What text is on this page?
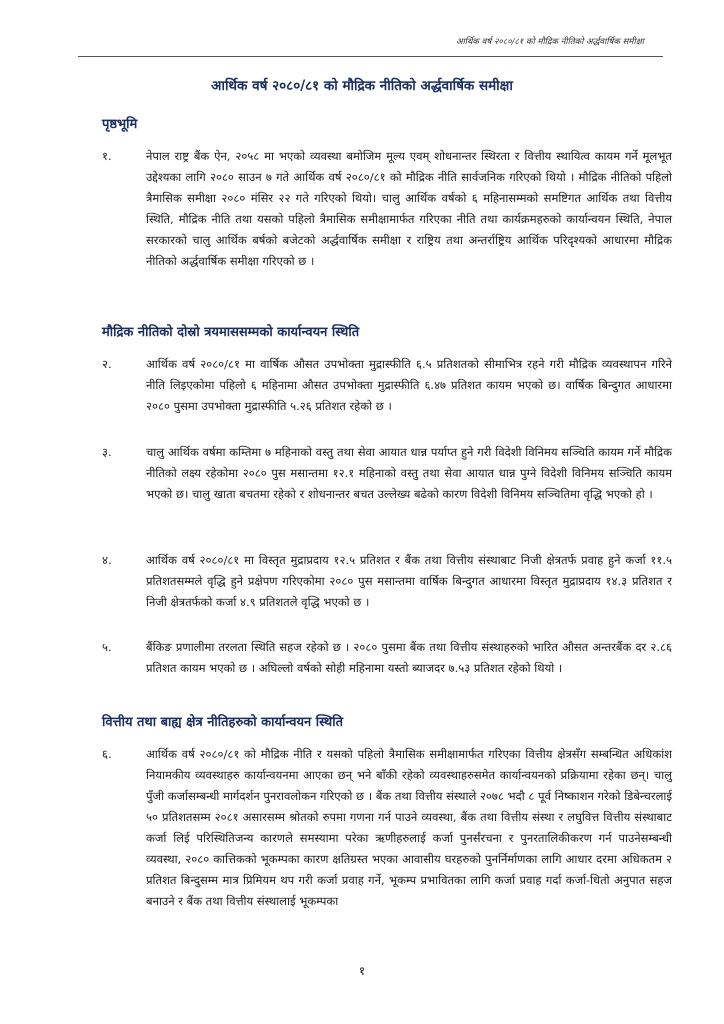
आर्थिक वर्ष २०८०/८१ को मौद्रिक नीतिको अर्द्धवार्षिक समीक्षा
आर्थिक वर्ष २०८०/८१ को मौद्रिक नीतिको अर्द्धवार्षिक समीक्षा
पृष्ठभूमि
१.	नेपाल राष्ट्र बैंक ऐन, २०५८ मा भएको व्यवस्था बमोजिम मूल्य एवम् शोधनान्तर स्थिरता र वित्तीय स्थायित्व कायम गर्ने मूलभूत उद्देश्यका लागि २०८० साउन ७ गते आर्थिक वर्ष २०८०/८१ को मौद्रिक नीति सार्वजनिक गरिएको थियो । मौद्रिक नीतिको पहिलो त्रैमासिक समीक्षा २०८० मंसिर २२ गते गरिएको थियो। चालु आर्थिक वर्षको ६ महिनासम्मको समष्टिगत आर्थिक तथा वित्तीय स्थिति, मौद्रिक नीति तथा यसको पहिलो त्रैमासिक समीक्षामार्फत गरिएका नीति तथा कार्यक्रमहरुको कार्यान्वयन स्थिति, नेपाल सरकारको चालु आर्थिक बर्षको बजेटको अर्द्धवार्षिक समीक्षा र राष्ट्रिय तथा अन्तर्राष्ट्रिय आर्थिक परिदृश्यको आधारमा मौद्रिक नीतिको अर्द्धवार्षिक समीक्षा गरिएको छ ।
मौद्रिक नीतिको दोस्रो त्रयमाससम्मको कार्यान्वयन स्थिति
२.	आर्थिक वर्ष २०८०/८१ मा वार्षिक औसत उपभोक्ता मुद्रास्फीति ६.५ प्रतिशतको सीमाभित्र रहने गरी मौद्रिक व्यवस्थापन गरिने नीति लिइएकोमा पहिलो ६ महिनामा औसत उपभोक्ता मुद्रास्फीति ६.४७ प्रतिशत कायम भएको छ। वार्षिक बिन्दुगत आधारमा २०८० पुसमा उपभोक्ता मुद्रास्फीति ५.२६ प्रतिशत रहेको छ ।
३.	चालु आर्थिक वर्षमा कम्तिमा ७ महिनाको वस्तु तथा सेवा आयात धान्न पर्याप्त हुने गरी विदेशी विनिमय सञ्चिति कायम गर्ने मौद्रिक नीतिको लक्ष्य रहेकोमा २०८० पुस मसान्तमा १२.१ महिनाको वस्तु तथा सेवा आयात धान्न पुग्ने विदेशी विनिमय सञ्चिति कायम भएको छ। चालु खाता बचतमा रहेको र शोधनान्तर बचत उल्लेख्य बढेको कारण विदेशी विनिमय सञ्चितिमा वृद्धि भएको हो ।
४.	आर्थिक वर्ष २०८०/८१ मा विस्तृत मुद्राप्रदाय १२.५ प्रतिशत र बैंक तथा वित्तीय संस्थाबाट निजी क्षेत्रतर्फ प्रवाह हुने कर्जा ११.५ प्रतिशतसम्मले वृद्धि हुने प्रक्षेपण गरिएकोमा २०८० पुस मसान्तमा वार्षिक बिन्दुगत आधारमा विस्तृत मुद्राप्रदाय १४.३ प्रतिशत र निजी क्षेत्रतर्फको कर्जा ४.९ प्रतिशतले वृद्धि भएको छ ।
५.	बैंकिङ प्रणालीमा तरलता स्थिति सहज रहेको छ । २०८० पुसमा बैंक तथा वित्तीय संस्थाहरुको भारित औसत अन्तरबैंक दर २.८६ प्रतिशत कायम भएको छ । अघिल्लो वर्षको सोही महिनामा यस्तो ब्याजदर ७.५३ प्रतिशत रहेको थियो ।
वित्तीय तथा बाह्य क्षेत्र नीतिहरुको कार्यान्वयन स्थिति
६.	आर्थिक वर्ष २०८०/८१ को मौद्रिक नीति र यसको पहिलो त्रैमासिक समीक्षामार्फत गरिएका वित्तीय क्षेत्रसँग सम्बन्धित अधिकांश नियामकीय व्यवस्थाहरु कार्यान्वयनमा आएका छन् भने बाँकी रहेको व्यवस्थाहरुसमेत कार्यान्वयनको प्रक्रियामा रहेका छन्। चालु पुँजी कर्जासम्बन्धी मार्गदर्शन पुनरावलोकन गरिएको छ । बैंक तथा वित्तीय संस्थाले २०७८ भदौ ८ पूर्व निष्काशन गरेको डिबेन्चरलाई ५० प्रतिशतसम्म २०८१ असारसम्म श्रोतको रुपमा गणना गर्न पाउने व्यवस्था, बैंक तथा वित्तीय संस्था र लघुवित्त वित्तीय संस्थाबाट कर्जा लिई परिस्थितिजन्य कारणले समस्यामा परेका ऋणीहरुलाई कर्जा पुनर्संरचना र पुनरतालिकीकरण गर्न पाउनेसम्बन्धी व्यवस्था, २०८० कात्तिकको भूकम्पका कारण क्षतिग्रस्त भएका आवासीय घरहरुको पुनर्निर्माणका लागि आधार दरमा अधिकतम २ प्रतिशत बिन्दुसम्म मात्र प्रिमियम थप गरी कर्जा प्रवाह गर्ने, भूकम्प प्रभावितका लागि कर्जा प्रवाह गर्दा कर्जा-धितो अनुपात सहज बनाउने र बैंक तथा वित्तीय संस्थालाई भूकम्पका
१
